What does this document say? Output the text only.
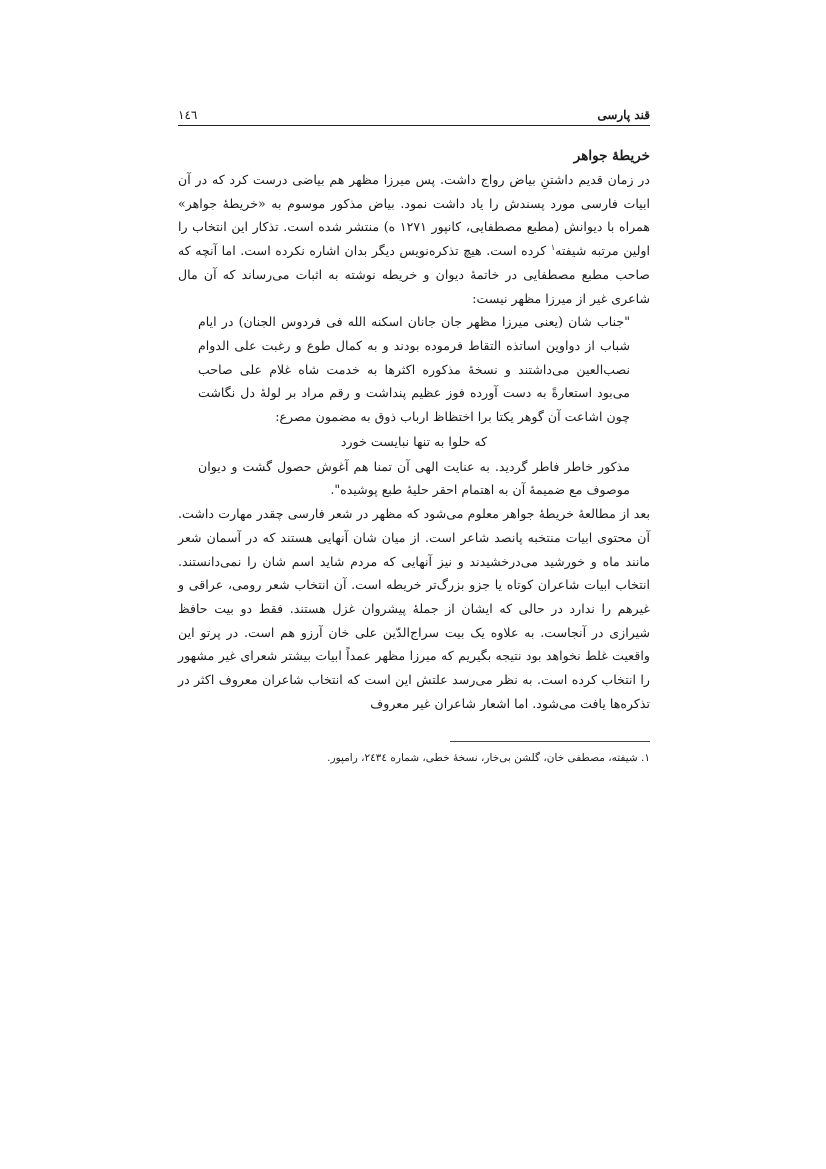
قند پارسی
١٤٦
خریطۀ جواهر

در زمان قدیم داشتنِ بیاض رواج داشت. پس میرزا مظهر هم بیاضی درست کرد که در آن ابیات فارسی مورد پسندش را یاد داشت نمود. بیاض مذکور موسوم به «خریطۀ جواهر» همراه با دیوانش (مطبع مصطفایی، کانپور ۱۲۷۱ ه) منتشر شده است. تذکار این انتخاب را اولین مرتبه شیفته$^١$ کرده است. هیچ تذکره‌نویس دیگر بدان اشاره نکرده است. اما آنچه که صاحب مطبع مصطفایی در خاتمۀ دیوان و خریطه نوشته به اثبات می‌رساند که آن مال شاعری غیر از میرزا مظهر نیست:

"جناب شان (یعنی میرزا مظهر جان جانان اسکنه الله فی فردوس الجنان) در ایام شباب از دواوین اساتذه التقاط فرموده بودند و به کمال طوع و رغبت علی الدوام نصب‌العین می‌داشتند و نسخۀ مذکوره اکثرها به خدمت شاه غلام علی صاحب می‌بود استعارةً به دست آورده فوز عظیم پنداشت و رقم مراد بر لولۀ دل نگاشت چون اشاعت آن گوهر یکتا برا اختظاظ ارباب ذوق به مضمون مصرع:

که حلوا به تنها نبایست خورد

مذکور خاطر فاطر گردید. به عنایت الهی آن تمنا هم آغوش حصول گشت و دیوان موصوف مع ضمیمۀ آن به اهتمام احقر حلیۀ طبع پوشیده".

بعد از مطالعۀ خریطۀ جواهر معلوم می‌شود که مظهر در شعر فارسی چقدر مهارت داشت. آن محتوی ابیات منتخبه پانصد شاعر است. از میان شان آنهایی هستند که در آسمان شعر مانند ماه و خورشید می‌درخشیدند و نیز آنهایی که مردم شاید اسم شان را نمی‌دانستند. انتخاب ابیات شاعران کوتاه یا جزو بزرگ‌تر خریطه است. آن انتخاب شعر رومی، عراقی و غیرهم را ندارد در حالی که ایشان از جملۀ پیشروان غزل هستند. فقط دو بیت حافظ شیرازی در آنجاست. به علاوه یک بیت سراج‌الدّین علی خان آرزو هم است. در پرتو این واقعیت غلط نخواهد بود نتیجه بگیریم که میرزا مظهر عمداً ابیات بیشتر شعرای غیر مشهور را انتخاب کرده است. به نظر می‌رسد علتش این است که انتخاب شاعران معروف اکثر در تذکره‌ها یافت می‌شود. اما اشعار شاعران غیر معروف

١. شیفته، مصطفی خان، گلشن بی‌خار، نسخۀ خطی، شماره ٢٤٣٤، رامپور.
